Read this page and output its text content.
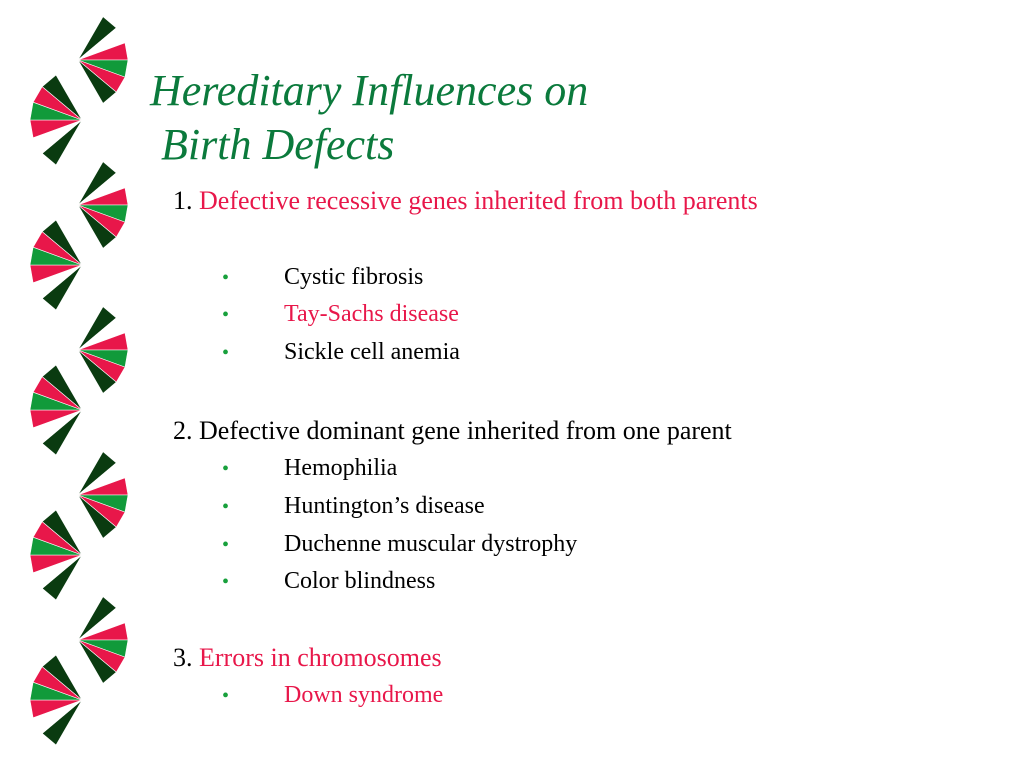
Hereditary Influences on
Birth Defects
1. Defective recessive genes inherited from both parents
• Cystic fibrosis
• Tay-Sachs disease
• Sickle cell anemia
2. Defective dominant gene inherited from one parent
• Hemophilia
• Huntington’s disease
• Duchenne muscular dystrophy
• Color blindness
3. Errors in chromosomes
• Down syndrome
